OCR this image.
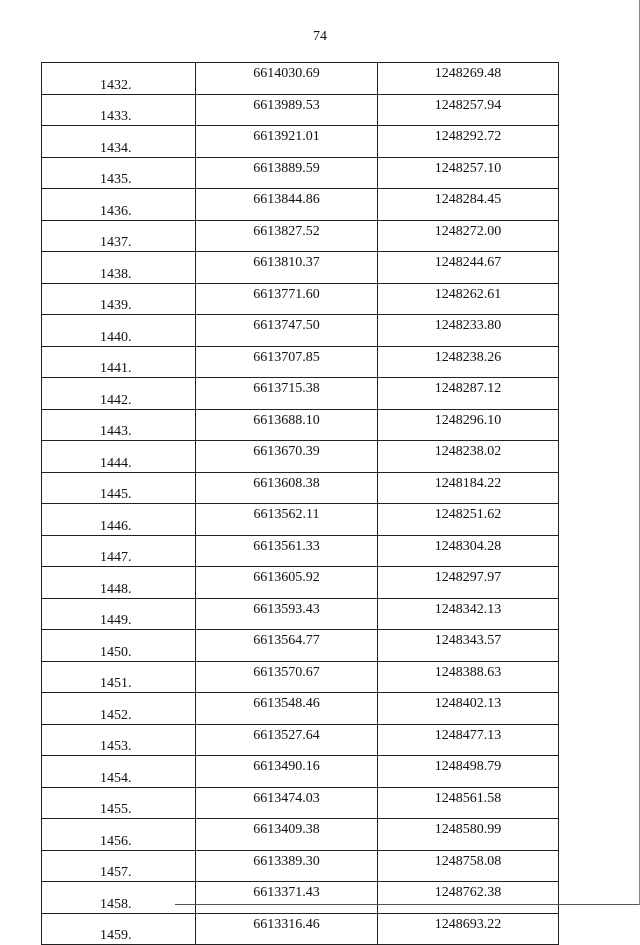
74
1432.	6614030.69	1248269.48
1433.	6613989.53	1248257.94
1434.	6613921.01	1248292.72
1435.	6613889.59	1248257.10
1436.	6613844.86	1248284.45
1437.	6613827.52	1248272.00
1438.	6613810.37	1248244.67
1439.	6613771.60	1248262.61
1440.	6613747.50	1248233.80
1441.	6613707.85	1248238.26
1442.	6613715.38	1248287.12
1443.	6613688.10	1248296.10
1444.	6613670.39	1248238.02
1445.	6613608.38	1248184.22
1446.	6613562.11	1248251.62
1447.	6613561.33	1248304.28
1448.	6613605.92	1248297.97
1449.	6613593.43	1248342.13
1450.	6613564.77	1248343.57
1451.	6613570.67	1248388.63
1452.	6613548.46	1248402.13
1453.	6613527.64	1248477.13
1454.	6613490.16	1248498.79
1455.	6613474.03	1248561.58
1456.	6613409.38	1248580.99
1457.	6613389.30	1248758.08
1458.	6613371.43	1248762.38
1459.	6613316.46	1248693.22
